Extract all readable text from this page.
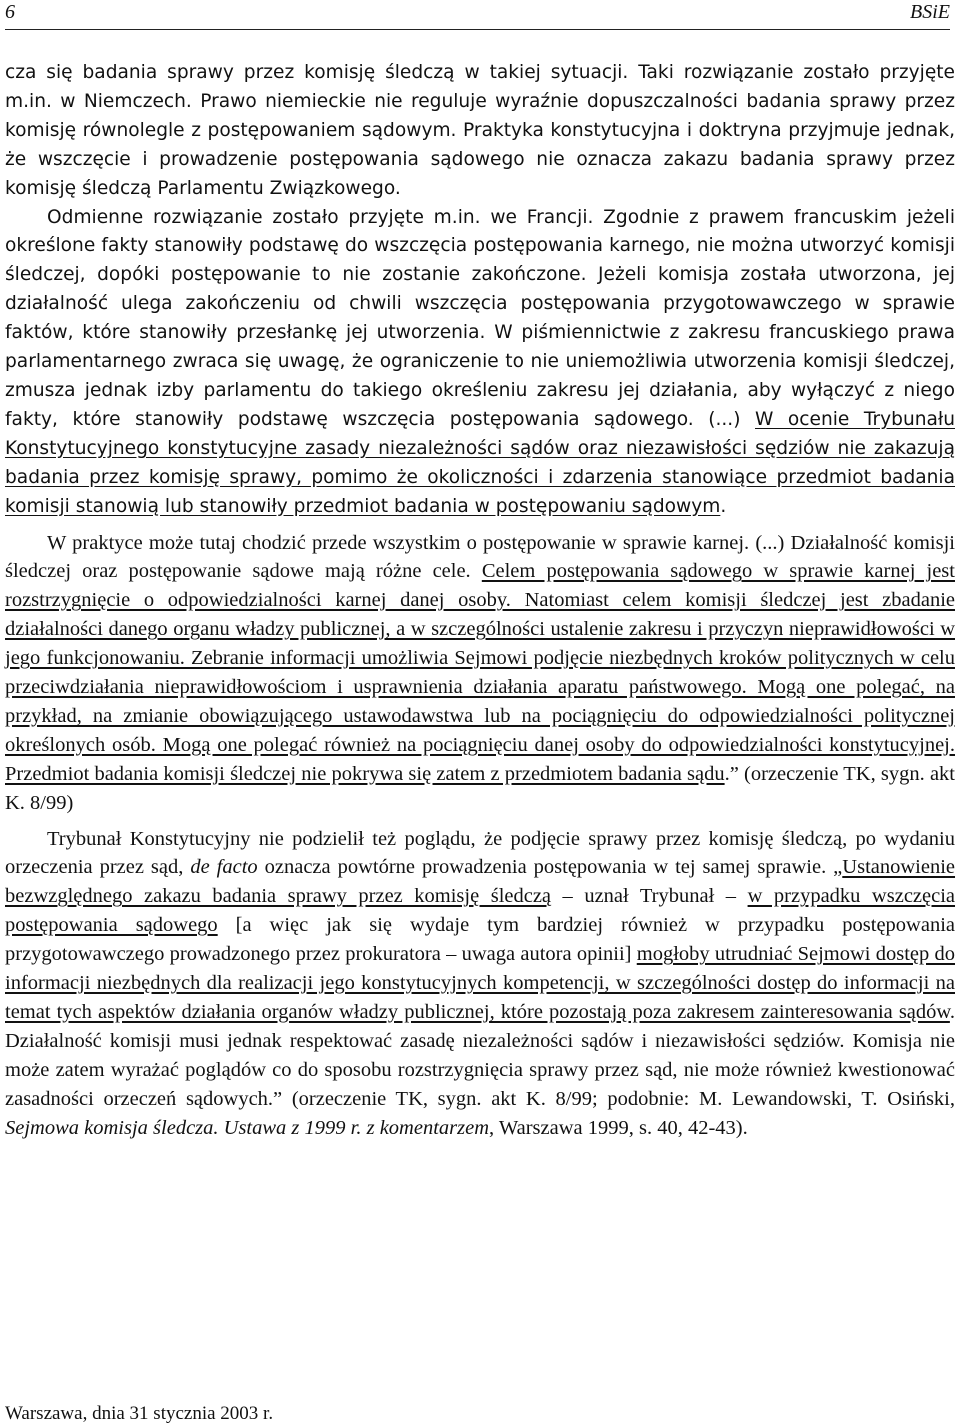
6	BSiE

cza się badania sprawy przez komisję śledczą w takiej sytuacji. Taki rozwiązanie zostało przyjęte m.in. w Niemczech. Prawo niemieckie nie reguluje wyraźnie dopuszczalności badania sprawy przez komisję równolegle z postępowaniem sądowym. Praktyka konstytucyjna i doktryna przyjmuje jednak, że wszczęcie i prowadzenie postępowania sądowego nie oznacza zakazu badania sprawy przez komisję śledczą Parlamentu Związkowego.

Odmienne rozwiązanie zostało przyjęte m.in. we Francji. Zgodnie z prawem francuskim jeżeli określone fakty stanowiły podstawę do wszczęcia postępowania karnego, nie można utworzyć komisji śledczej, dopóki postępowanie to nie zostanie zakończone. Jeżeli komisja została utworzona, jej działalność ulega zakończeniu od chwili wszczęcia postępowania przygotowawczego w sprawie faktów, które stanowiły przesłankę jej utworzenia. W piśmiennictwie z zakresu francuskiego prawa parlamentarnego zwraca się uwagę, że ograniczenie to nie uniemożliwia utworzenia komisji śledczej, zmusza jednak izby parlamentu do takiego określeniu zakresu jej działania, aby wyłączyć z niego fakty, które stanowiły podstawę wszczęcia postępowania sądowego. (...) W ocenie Trybunału Konstytucyjnego konstytucyjne zasady niezależności sądów oraz niezawisłości sędziów nie zakazują badania przez komisję sprawy, pomimo że okoliczności i zdarzenia stanowiące przedmiot badania komisji stanowią lub stanowiły przedmiot badania w postępowaniu sądowym.

W praktyce może tutaj chodzić przede wszystkim o postępowanie w sprawie karnej. (...) Działalność komisji śledczej oraz postępowanie sądowe mają różne cele. Celem postępowania sądowego w sprawie karnej jest rozstrzygnięcie o odpowiedzialności karnej danej osoby. Natomiast celem komisji śledczej jest zbadanie działalności danego organu władzy publicznej, a w szczególności ustalenie zakresu i przyczyn nieprawidłowości w jego funkcjonowaniu. Zebranie informacji umożliwia Sejmowi podjęcie niezbędnych kroków politycznych w celu przeciwdziałania nieprawidłowościom i usprawnienia działania aparatu państwowego. Mogą one polegać, na przykład, na zmianie obowiązującego ustawodawstwa lub na pociągnięciu do odpowiedzialności politycznej określonych osób. Mogą one polegać również na pociągnięciu danej osoby do odpowiedzialności konstytucyjnej. Przedmiot badania komisji śledczej nie pokrywa się zatem z przedmiotem badania sądu.” (orzeczenie TK, sygn. akt K. 8/99)

Trybunał Konstytucyjny nie podzielił też poglądu, że podjęcie sprawy przez komisję śledczą, po wydaniu orzeczenia przez sąd, de facto oznacza powtórne prowadzenia postępowania w tej samej sprawie. „Ustanowienie bezwzględnego zakazu badania sprawy przez komisję śledczą – uznał Trybunał – w przypadku wszczęcia postępowania sądowego [a więc jak się wydaje tym bardziej również w przypadku postępowania przygotowawczego prowadzonego przez prokuratora – uwaga autora opinii] mogłoby utrudniać Sejmowi dostęp do informacji niezbędnych dla realizacji jego konstytucyjnych kompetencji, w szczególności dostęp do informacji na temat tych aspektów działania organów władzy publicznej, które pozostają poza zakresem zainteresowania sądów. Działalność komisji musi jednak respektować zasadę niezależności sądów i niezawisłości sędziów. Komisja nie może zatem wyrażać poglądów co do sposobu rozstrzygnięcia sprawy przez sąd, nie może również kwestionować zasadności orzeczeń sądowych.” (orzeczenie TK, sygn. akt K. 8/99; podobnie: M. Lewandowski, T. Osiński, Sejmowa komisja śledcza. Ustawa z 1999 r. z komentarzem, Warszawa 1999, s. 40, 42-43).

Warszawa, dnia 31 stycznia 2003 r.
